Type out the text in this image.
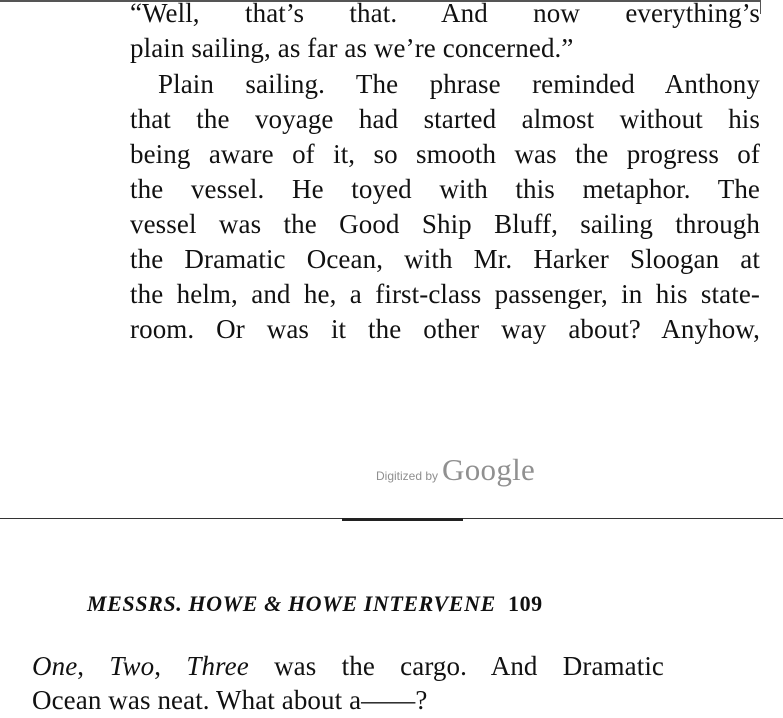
“Well, that’s that. And now everything’s
plain sailing, as far as we’re concerned.”
Plain sailing. The phrase reminded Anthony
that the voyage had started almost without his
being aware of it, so smooth was the progress of
the vessel. He toyed with this metaphor. The
vessel was the Good Ship Bluff, sailing through
the Dramatic Ocean, with Mr. Harker Sloogan at
the helm, and he, a first-class passenger, in his state-
room. Or was it the other way about? Anyhow,
Digitized by Google
MESSRS. HOWE & HOWE INTERVENE 109
One, Two, Three was the cargo. And Dramatic
Ocean was neat. What about a——?
